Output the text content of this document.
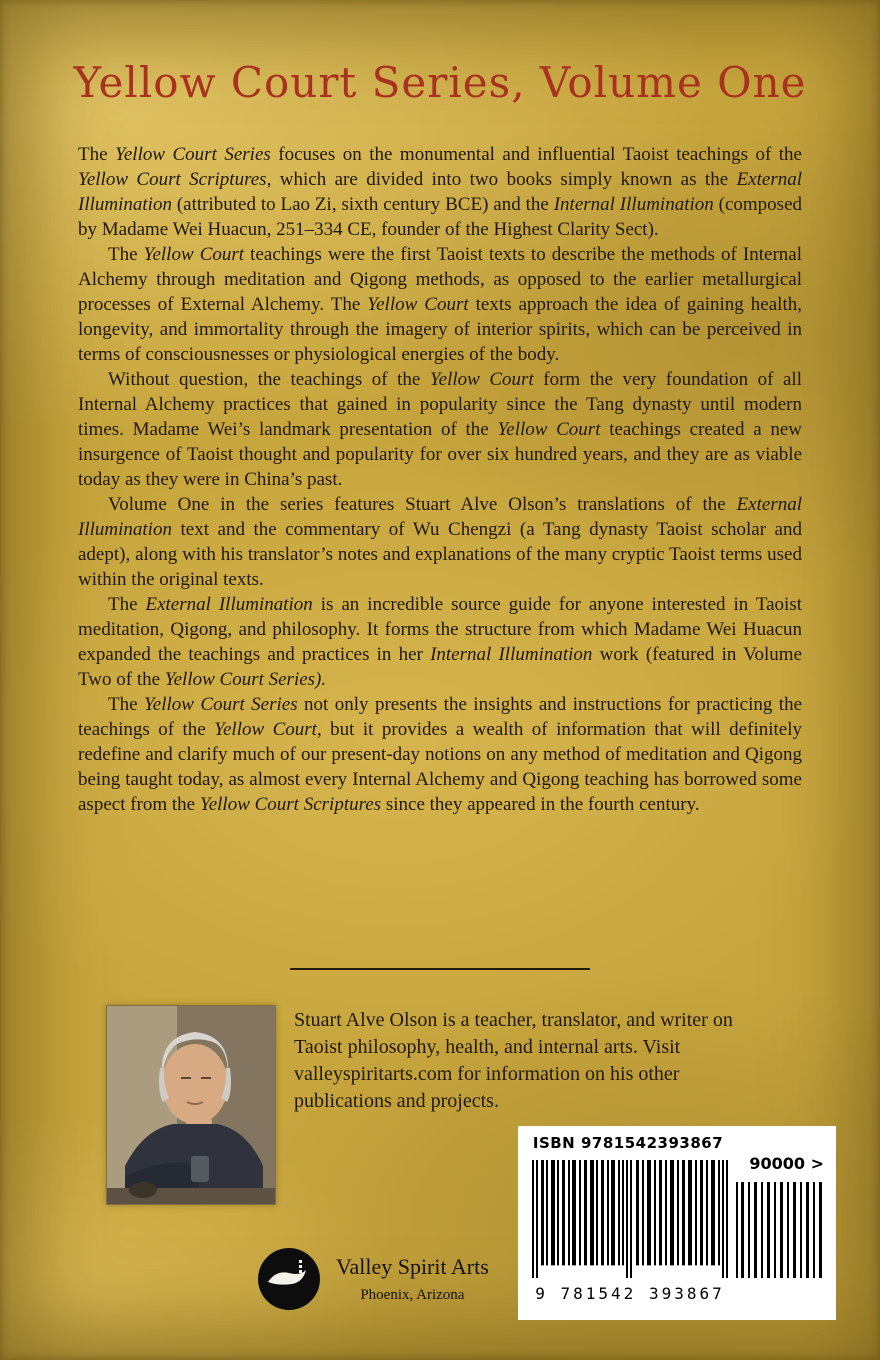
Yellow Court Series, Volume One

The Yellow Court Series focuses on the monumental and influential Taoist teachings of the Yellow Court Scriptures, which are divided into two books simply known as the External Illumination (attributed to Lao Zi, sixth century BCE) and the Internal Illumination (composed by Madame Wei Huacun, 251–334 CE, founder of the Highest Clarity Sect).

The Yellow Court teachings were the first Taoist texts to describe the methods of Internal Alchemy through meditation and Qigong methods, as opposed to the earlier metallurgical processes of External Alchemy. The Yellow Court texts approach the idea of gaining health, longevity, and immortality through the imagery of interior spirits, which can be perceived in terms of consciousnesses or physiological energies of the body.

Without question, the teachings of the Yellow Court form the very foundation of all Internal Alchemy practices that gained in popularity since the Tang dynasty until modern times. Madame Wei’s landmark presentation of the Yellow Court teachings created a new insurgence of Taoist thought and popularity for over six hundred years, and they are as viable today as they were in China’s past.

Volume One in the series features Stuart Alve Olson’s translations of the External Illumination text and the commentary of Wu Chengzi (a Tang dynasty Taoist scholar and adept), along with his translator’s notes and explanations of the many cryptic Taoist terms used within the original texts.

The External Illumination is an incredible source guide for anyone interested in Taoist meditation, Qigong, and philosophy. It forms the structure from which Madame Wei Huacun expanded the teachings and practices in her Internal Illumination work (featured in Volume Two of the Yellow Court Series).

The Yellow Court Series not only presents the insights and instructions for practicing the teachings of the Yellow Court, but it provides a wealth of information that will definitely redefine and clarify much of our present-day notions on any method of meditation and Qigong being taught today, as almost every Internal Alchemy and Qigong teaching has borrowed some aspect from the Yellow Court Scriptures since they appeared in the fourth century.

Stuart Alve Olson is a teacher, translator, and writer on Taoist philosophy, health, and internal arts. Visit valleyspiritarts.com for information on his other publications and projects.

Valley Spirit Arts
Phoenix, Arizona
ISBN 9781542393867
90000 >
9 781542 393867
